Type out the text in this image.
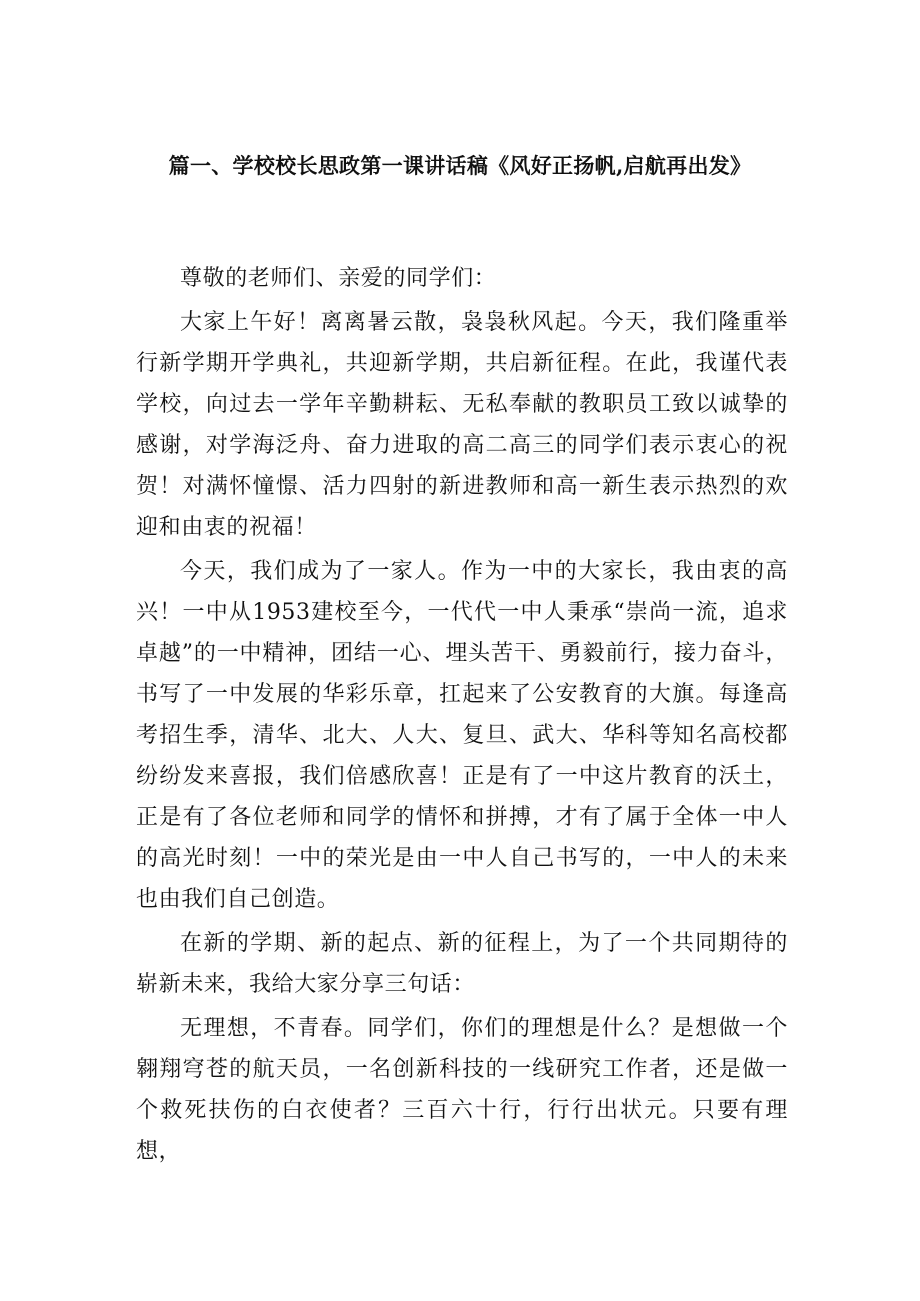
篇一、学校校长思政第一课讲话稿《风好正扬帆,启航再出发》

尊敬的老师们、亲爱的同学们：

大家上午好！离离暑云散，袅袅秋风起。今天，我们隆重举行新学期开学典礼，共迎新学期，共启新征程。在此，我谨代表学校，向过去一学年辛勤耕耘、无私奉献的教职员工致以诚挚的感谢，对学海泛舟、奋力进取的高二高三的同学们表示衷心的祝贺！对满怀憧憬、活力四射的新进教师和高一新生表示热烈的欢迎和由衷的祝福！

今天，我们成为了一家人。作为一中的大家长，我由衷的高兴！一中从1953建校至今，一代代一中人秉承“崇尚一流，追求卓越”的一中精神，团结一心、埋头苦干、勇毅前行，接力奋斗，书写了一中发展的华彩乐章，扛起来了公安教育的大旗。每逢高考招生季，清华、北大、人大、复旦、武大、华科等知名高校都纷纷发来喜报，我们倍感欣喜！正是有了一中这片教育的沃土，正是有了各位老师和同学的情怀和拼搏，才有了属于全体一中人的高光时刻！一中的荣光是由一中人自己书写的，一中人的未来也由我们自己创造。

在新的学期、新的起点、新的征程上，为了一个共同期待的崭新未来，我给大家分享三句话：

无理想，不青春。同学们，你们的理想是什么？是想做一个翱翔穹苍的航天员，一名创新科技的一线研究工作者，还是做一个救死扶伤的白衣使者？三百六十行，行行出状元。只要有理想，
